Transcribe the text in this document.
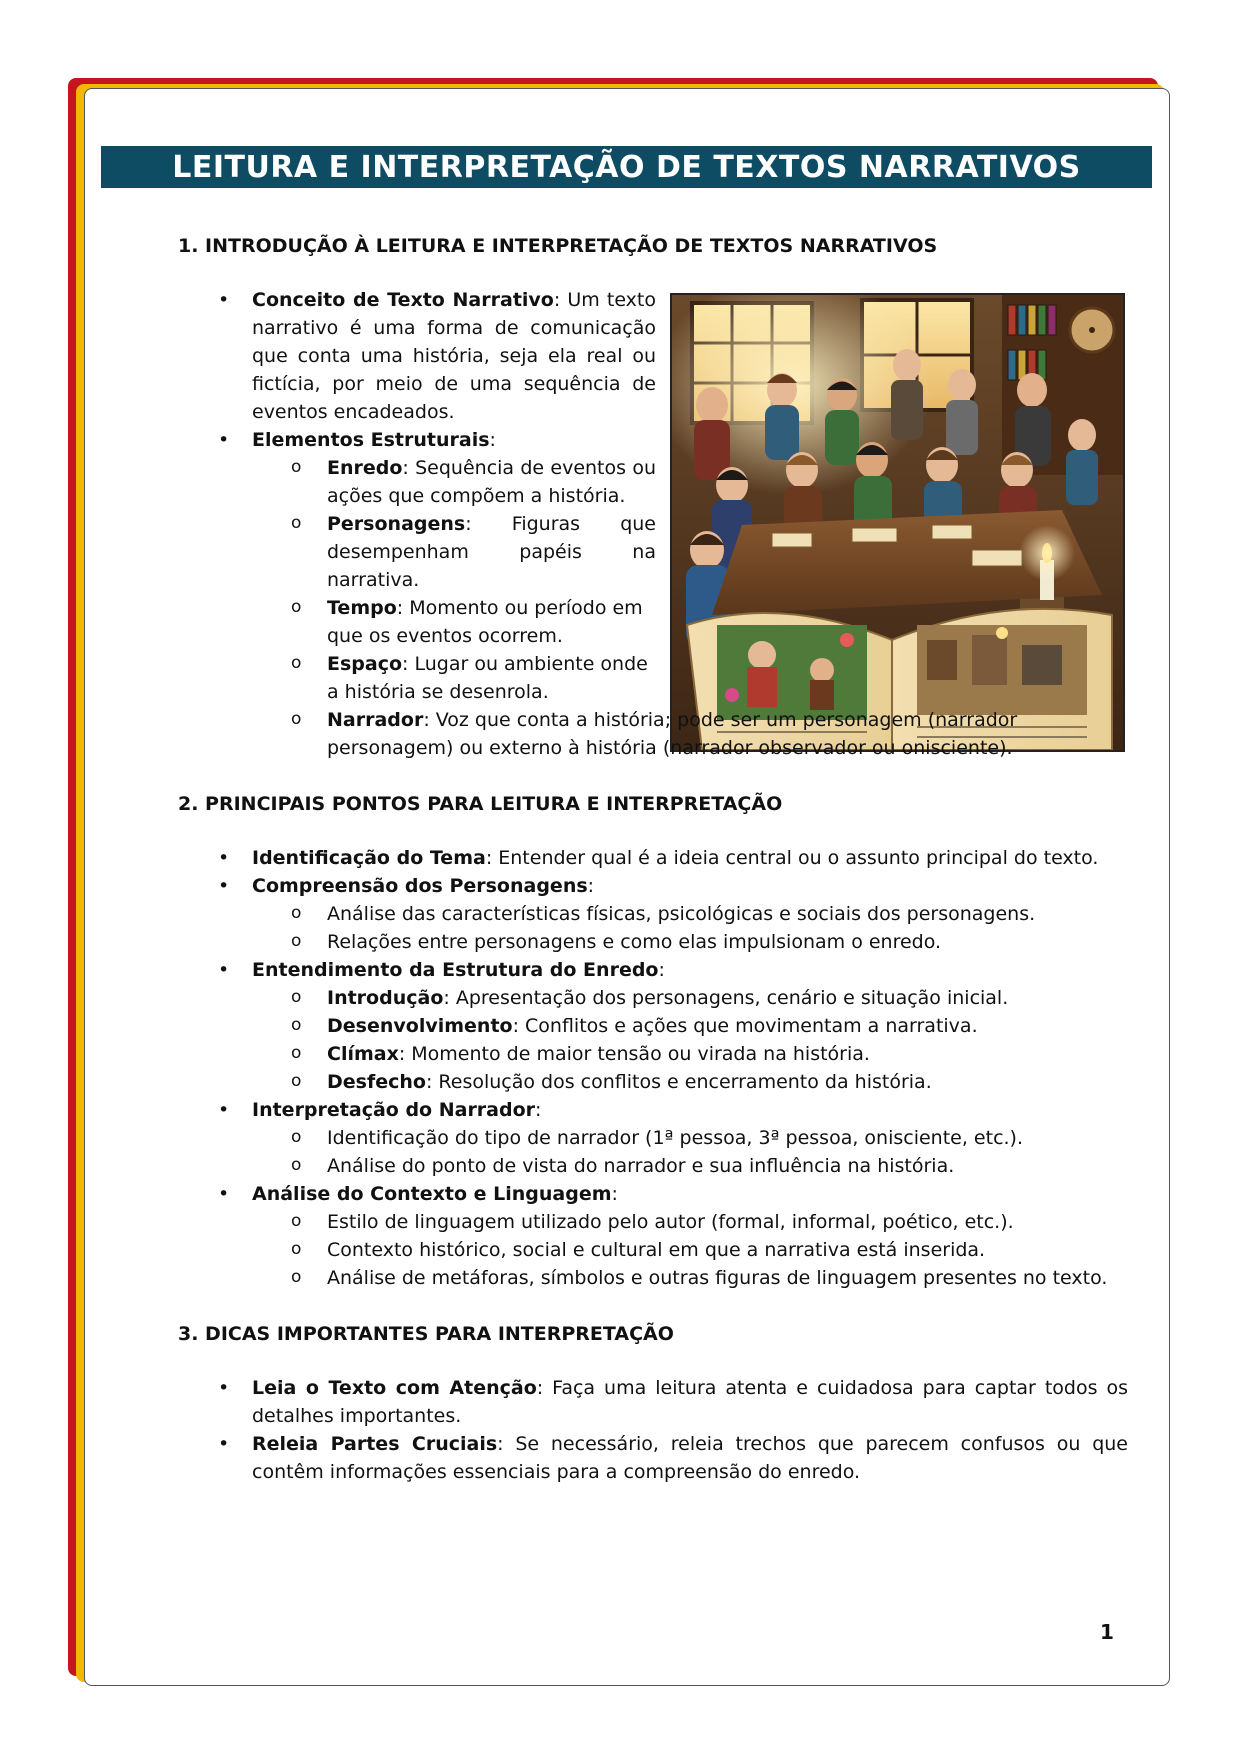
LEITURA E INTERPRETAÇÃO DE TEXTOS NARRATIVOS

1. INTRODUÇÃO À LEITURA E INTERPRETAÇÃO DE TEXTOS NARRATIVOS

• Conceito de Texto Narrativo: Um texto narrativo é uma forma de comunicação que conta uma história, seja ela real ou fictícia, por meio de uma sequência de eventos encadeados.
• Elementos Estruturais:
o Enredo: Sequência de eventos ou ações que compõem a história.
o Personagens: Figuras que desempenham papéis na narrativa.
o Tempo: Momento ou período em que os eventos ocorrem.
o Espaço: Lugar ou ambiente onde a história se desenrola.
o Narrador: Voz que conta a história; pode ser um personagem (narrador personagem) ou externo à história (narrador observador ou onisciente).

2. PRINCIPAIS PONTOS PARA LEITURA E INTERPRETAÇÃO

• Identificação do Tema: Entender qual é a ideia central ou o assunto principal do texto.
• Compreensão dos Personagens:
o Análise das características físicas, psicológicas e sociais dos personagens.
o Relações entre personagens e como elas impulsionam o enredo.
• Entendimento da Estrutura do Enredo:
o Introdução: Apresentação dos personagens, cenário e situação inicial.
o Desenvolvimento: Conflitos e ações que movimentam a narrativa.
o Clímax: Momento de maior tensão ou virada na história.
o Desfecho: Resolução dos conflitos e encerramento da história.
• Interpretação do Narrador:
o Identificação do tipo de narrador (1ª pessoa, 3ª pessoa, onisciente, etc.).
o Análise do ponto de vista do narrador e sua influência na história.
• Análise do Contexto e Linguagem:
o Estilo de linguagem utilizado pelo autor (formal, informal, poético, etc.).
o Contexto histórico, social e cultural em que a narrativa está inserida.
o Análise de metáforas, símbolos e outras figuras de linguagem presentes no texto.

3. DICAS IMPORTANTES PARA INTERPRETAÇÃO

• Leia o Texto com Atenção: Faça uma leitura atenta e cuidadosa para captar todos os detalhes importantes.
• Releia Partes Cruciais: Se necessário, releia trechos que parecem confusos ou que contêm informações essenciais para a compreensão do enredo.
1
